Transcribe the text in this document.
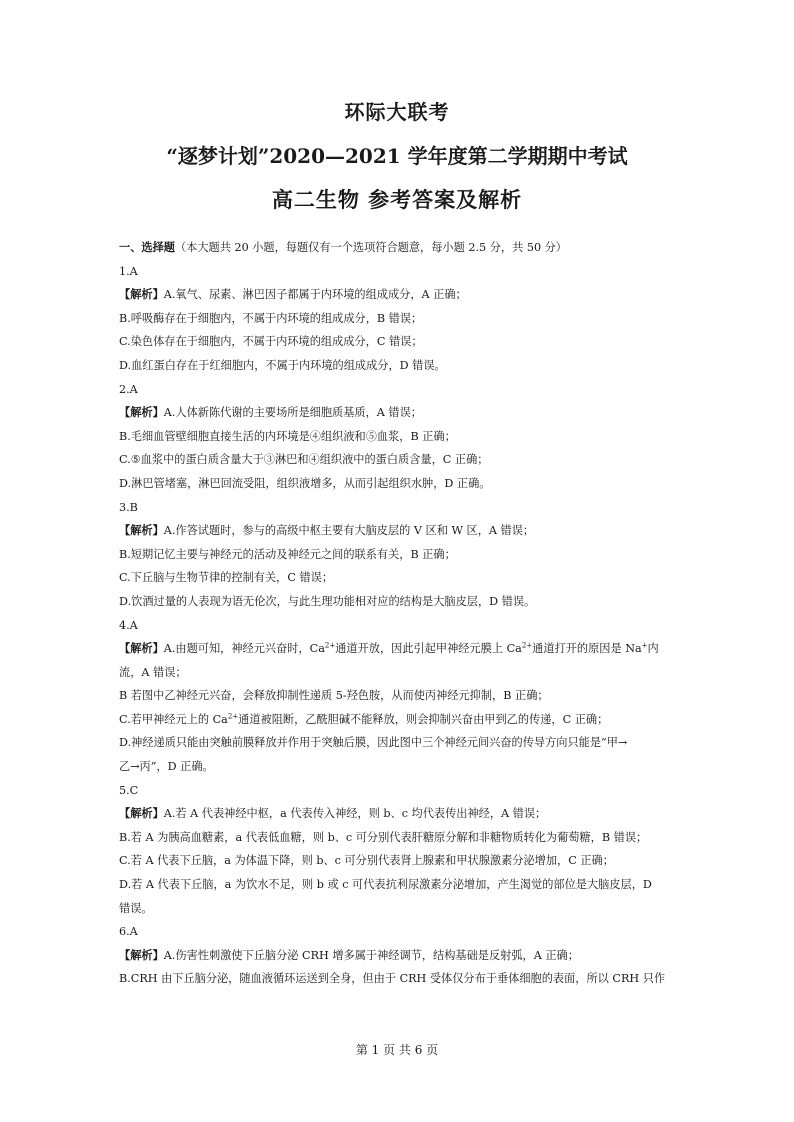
环际大联考
“逐梦计划”2020—2021 学年度第二学期期中考试
高二生物 参考答案及解析
一、选择题（本大题共 20 小题，每题仅有一个选项符合题意，每小题 2.5 分，共 50 分）
1.A
【解析】A.氧气、尿素、淋巴因子都属于内环境的组成成分，A 正确；
B.呼吸酶存在于细胞内，不属于内环境的组成成分，B 错误；
C.染色体存在于细胞内，不属于内环境的组成成分，C 错误；
D.血红蛋白存在于红细胞内，不属于内环境的组成成分，D 错误。
2.A
【解析】A.人体新陈代谢的主要场所是细胞质基质，A 错误；
B.毛细血管壁细胞直接生活的内环境是④组织液和⑤血浆，B 正确；
C.⑤血浆中的蛋白质含量大于③淋巴和④组织液中的蛋白质含量，C 正确；
D.淋巴管堵塞，淋巴回流受阻，组织液增多，从而引起组织水肿，D 正确。
3.B
【解析】A.作答试题时，参与的高级中枢主要有大脑皮层的 V 区和 W 区，A 错误；
B.短期记忆主要与神经元的活动及神经元之间的联系有关，B 正确；
C.下丘脑与生物节律的控制有关，C 错误；
D.饮酒过量的人表现为语无伦次，与此生理功能相对应的结构是大脑皮层，D 错误。
4.A
【解析】A.由题可知，神经元兴奋时，$Ca^{2+}$通道开放，因此引起甲神经元膜上 $Ca^{2+}$通道打开的原因是 Na+内
流，A 错误；
B 若图中乙神经元兴奋，会释放抑制性递质 5-羟色胺，从而使丙神经元抑制，B 正确；
C.若甲神经元上的 $Ca^{2+}$通道被阻断，乙酰胆碱不能释放，则会抑制兴奋由甲到乙的传递，C 正确；
D.神经递质只能由突触前膜释放并作用于突触后膜，因此图中三个神经元间兴奋的传导方向只能是“甲→
乙→丙”，D 正确。
5.C
【解析】A.若 A 代表神经中枢，a 代表传入神经，则 b、c 均代表传出神经，A 错误；
B.若 A 为胰高血糖素，a 代表低血糖，则 b、c 可分别代表肝糖原分解和非糖物质转化为葡萄糖，B 错误；
C.若 A 代表下丘脑，a 为体温下降，则 b、c 可分别代表肾上腺素和甲状腺激素分泌增加，C 正确；
D.若 A 代表下丘脑，a 为饮水不足，则 b 或 c 可代表抗利尿激素分泌增加，产生渴觉的部位是大脑皮层，D
错误。
6.A
【解析】A.伤害性刺激使下丘脑分泌 CRH 增多属于神经调节，结构基础是反射弧，A 正确；
B.CRH 由下丘脑分泌，随血液循环运送到全身，但由于 CRH 受体仅分布于垂体细胞的表面，所以 CRH 只作
第 1 页 共 6 页
